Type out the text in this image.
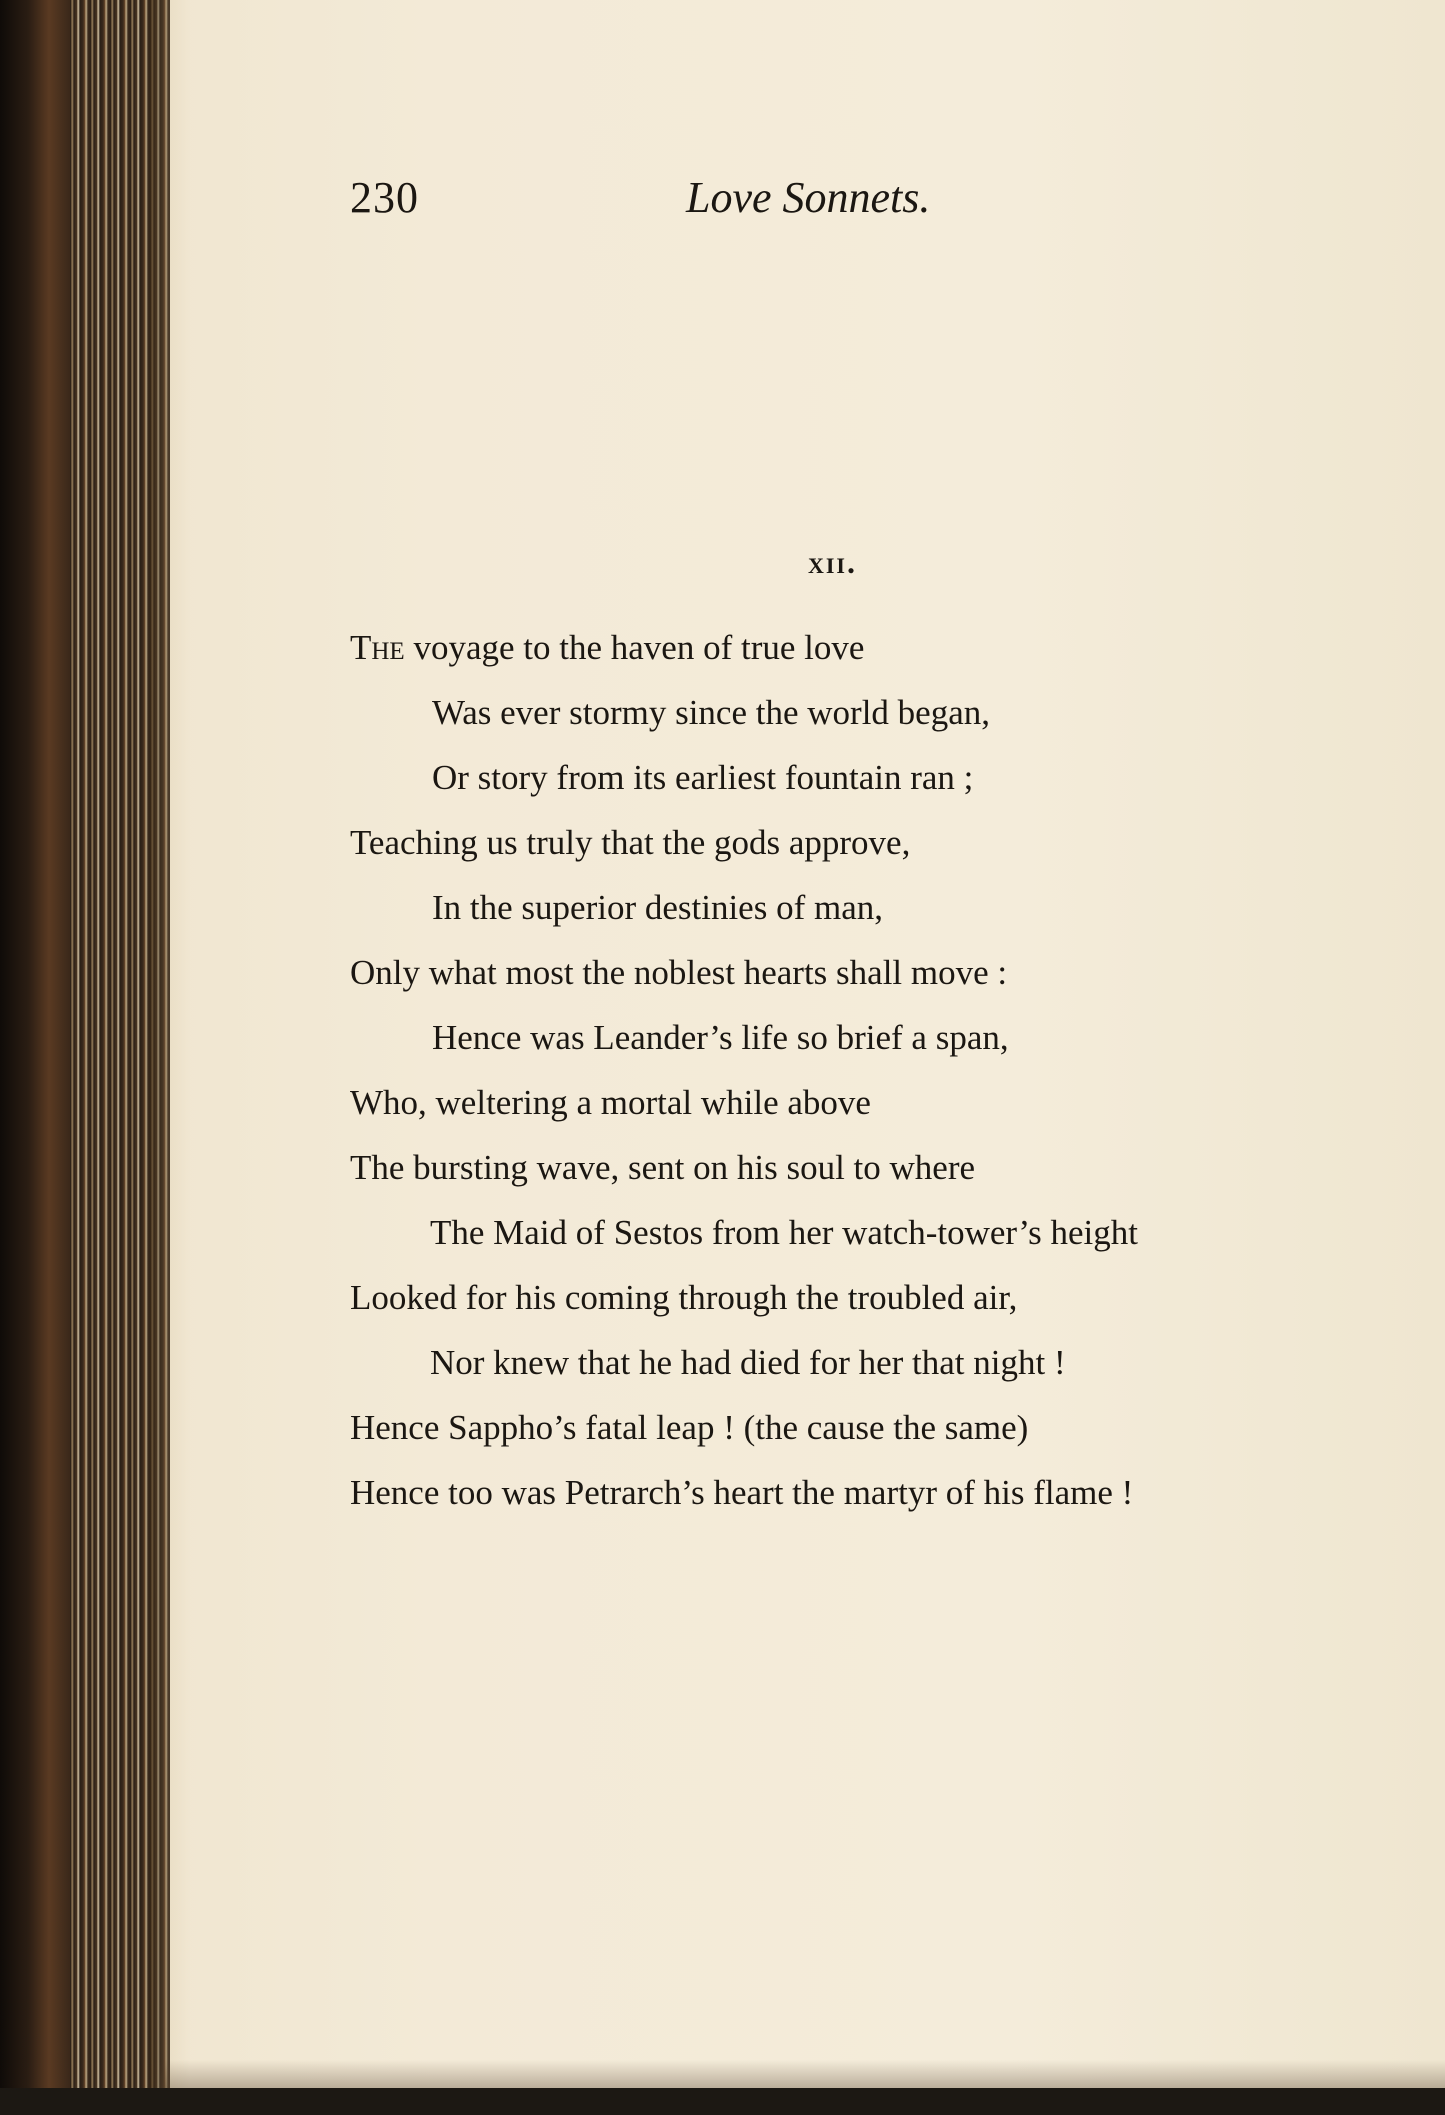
230	Love Sonnets.
xii.
The voyage to the haven of true love
Was ever stormy since the world began,
Or story from its earliest fountain ran ;
Teaching us truly that the gods approve,
In the superior destinies of man,
Only what most the noblest hearts shall move :
Hence was Leander’s life so brief a span,
Who, weltering a mortal while above
The bursting wave, sent on his soul to where
The Maid of Sestos from her watch-tower’s height
Looked for his coming through the troubled air,
Nor knew that he had died for her that night !
Hence Sappho’s fatal leap ! (the cause the same)
Hence too was Petrarch’s heart the martyr of his flame !
